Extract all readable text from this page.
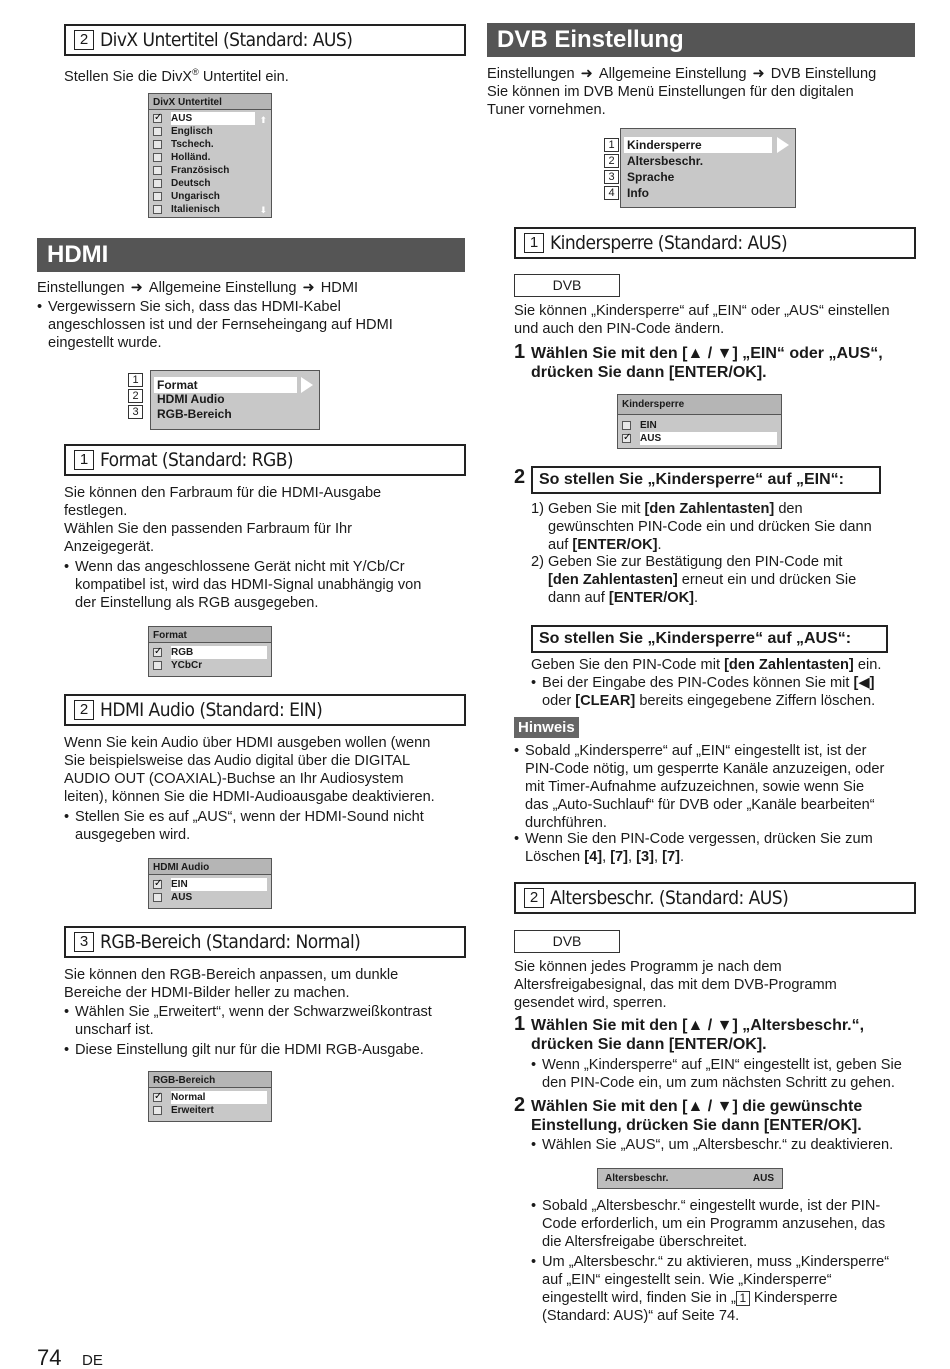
2 DivX Untertitel (Standard: AUS)
Stellen Sie die DivX® Untertitel ein.
DivX Untertitel
✓
AUS
Englisch
Tschech.
Holländ.
Französisch
Deutsch
Ungarisch
Italienisch
⬆
⬇
HDMI
Einstellungen ➜ Allgemeine Einstellung ➜ HDMI
• Vergewissern Sie sich, dass das HDMI-Kabel
angeschlossen ist und der Fernseheingang auf HDMI
eingestellt wurde.
1
2
3
Format
HDMI Audio
RGB-Bereich
1 Format (Standard: RGB)
Sie können den Farbraum für die HDMI-Ausgabe
festlegen.
Wählen Sie den passenden Farbraum für Ihr
Anzeigegerät.
• Wenn das angeschlossene Gerät nicht mit Y/Cb/Cr
kompatibel ist, wird das HDMI-Signal unabhängig von
der Einstellung als RGB ausgegeben.
Format
✓
RGB
YCbCr
2 HDMI Audio (Standard: EIN)
Wenn Sie kein Audio über HDMI ausgeben wollen (wenn
Sie beispielsweise das Audio digital über die DIGITAL
AUDIO OUT (COAXIAL)-Buchse an Ihr Audiosystem
leiten), können Sie die HDMI-Audioausgabe deaktivieren.
• Stellen Sie es auf „AUS“, wenn der HDMI-Sound nicht
ausgegeben wird.
HDMI Audio
✓
EIN
AUS
3 RGB-Bereich (Standard: Normal)
Sie können den RGB-Bereich anpassen, um dunkle
Bereiche der HDMI-Bilder heller zu machen.
• Wählen Sie „Erweitert“, wenn der Schwarzweißkontrast
unscharf ist.
• Diese Einstellung gilt nur für die HDMI RGB-Ausgabe.
RGB-Bereich
✓
Normal
Erweitert
74 DE
DVB Einstellung
Einstellungen ➜ Allgemeine Einstellung ➜ DVB Einstellung
Sie können im DVB Menü Einstellungen für den digitalen
Tuner vornehmen.
1
2
3
4
Kindersperre
Altersbeschr.
Sprache
Info
1 Kindersperre (Standard: AUS)
DVB
Sie können „Kindersperre“ auf „EIN“ oder „AUS“ einstellen
und auch den PIN-Code ändern.
1 Wählen Sie mit den [▲ / ▼] „EIN“ oder „AUS“,
drücken Sie dann [ENTER/OK].
Kindersperre
EIN
✓
AUS
2 So stellen Sie „Kindersperre“ auf „EIN“:
1) Geben Sie mit [den Zahlentasten] den
gewünschten PIN-Code ein und drücken Sie dann
auf [ENTER/OK].
2) Geben Sie zur Bestätigung den PIN-Code mit
[den Zahlentasten] erneut ein und drücken Sie
dann auf [ENTER/OK].
So stellen Sie „Kindersperre“ auf „AUS“:
Geben Sie den PIN-Code mit [den Zahlentasten] ein.
• Bei der Eingabe des PIN-Codes können Sie mit [◀]
oder [CLEAR] bereits eingegebene Ziffern löschen.
Hinweis
• Sobald „Kindersperre“ auf „EIN“ eingestellt ist, ist der
PIN-Code nötig, um gesperrte Kanäle anzuzeigen, oder
mit Timer-Aufnahme aufzuzeichnen, sowie wenn Sie
das „Auto-Suchlauf“ für DVB oder „Kanäle bearbeiten“
durchführen.
• Wenn Sie den PIN-Code vergessen, drücken Sie zum
Löschen [4], [7], [3], [7].
2 Altersbeschr. (Standard: AUS)
DVB
Sie können jedes Programm je nach dem
Altersfreigabesignal, das mit dem DVB-Programm
gesendet wird, sperren.
1 Wählen Sie mit den [▲ / ▼] „Altersbeschr.“,
drücken Sie dann [ENTER/OK].
• Wenn „Kindersperre“ auf „EIN“ eingestellt ist, geben Sie
den PIN-Code ein, um zum nächsten Schritt zu gehen.
2 Wählen Sie mit den [▲ / ▼] die gewünschte
Einstellung, drücken Sie dann [ENTER/OK].
• Wählen Sie „AUS“, um „Altersbeschr.“ zu deaktivieren.
Altersbeschr.	AUS
• Sobald „Altersbeschr.“ eingestellt wurde, ist der PIN-
Code erforderlich, um ein Programm anzusehen, das
die Altersfreigabe überschreitet.
• Um „Altersbeschr.“ zu aktivieren, muss „Kindersperre“
auf „EIN“ eingestellt sein. Wie „Kindersperre“
eingestellt wird, finden Sie in „ 1 Kindersperre
(Standard: AUS)“ auf Seite 74.
